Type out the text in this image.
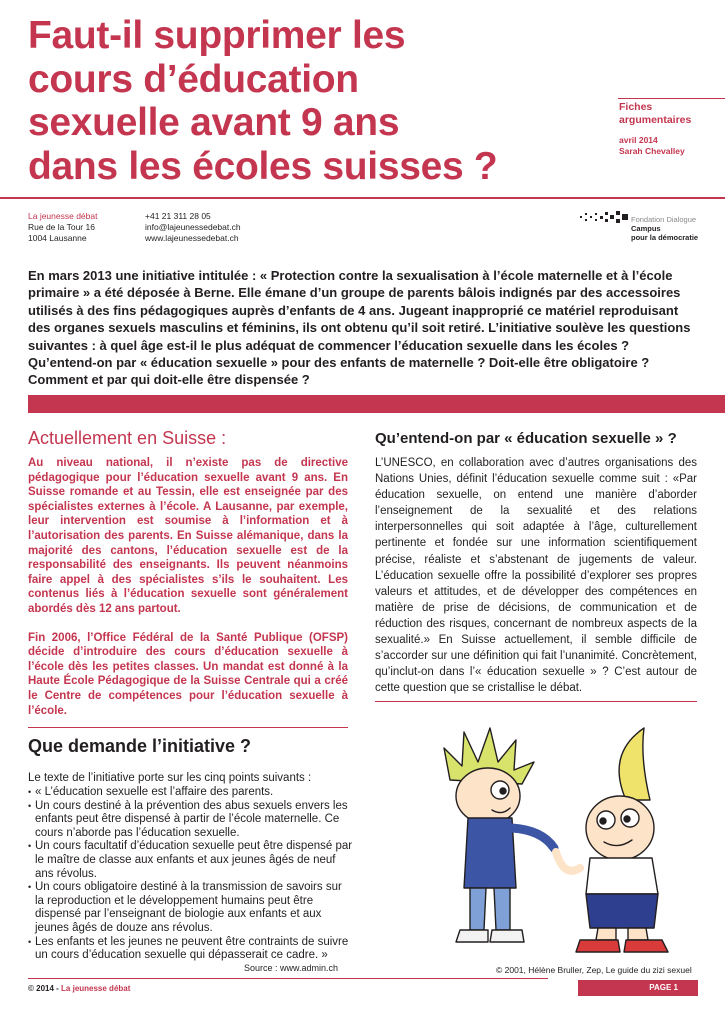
Faut-il supprimer les
cours d’éducation
sexuelle avant 9 ans
dans les écoles suisses ?
Fiches
argumentaires
avril 2014
Sarah Chevalley
La jeunesse débat
Rue de la Tour 16
1004 Lausanne
+41 21 311 28 05
info@lajeunessedebat.ch
www.lajeunessedebat.ch
Fondation Dialogue
Campus
pour la démocratie

En mars 2013 une initiative intitulée : « Protection contre la sexualisation à l’école maternelle et à l’école primaire » a été déposée à Berne. Elle émane d’un groupe de parents bâlois indignés par des accessoires utilisés à des fins pédagogiques auprès d’enfants de 4 ans. Jugeant inapproprié ce matériel reproduisant des organes sexuels masculins et féminins, ils ont obtenu qu’il soit retiré. L’initiative soulève les questions suivantes : à quel âge est-il le plus adéquat de commencer l’éducation sexuelle dans les écoles ? Qu’entend-on par « éducation sexuelle » pour des enfants de maternelle ? Doit-elle être obligatoire ? Comment et par qui doit-elle être dispensée ?

Actuellement en Suisse :

Au niveau national, il n’existe pas de directive pédagogique pour l’éducation sexuelle avant 9 ans. En Suisse romande et au Tessin, elle est enseignée par des spécialistes externes à l’école. A Lausanne, par exemple, leur intervention est soumise à l’information et à l’autorisation des parents. En Suisse alémanique, dans la majorité des cantons, l’éducation sexuelle est de la responsabilité des enseignants. Ils peuvent néanmoins faire appel à des spécialistes s’ils le souhaitent. Les contenus liés à l’éducation sexuelle sont généralement abordés dès 12 ans partout.

Fin 2006, l’Office Fédéral de la Santé Publique (OFSP) décide d’introduire des cours d’éducation sexuelle à l’école dès les petites classes. Un mandat est donné à la Haute École Pédagogique de la Suisse Centrale qui a créé le Centre de compétences pour l’éducation sexuelle à l’école.

Que demande l’initiative ?

Le texte de l’initiative porte sur les cinq points suivants :

• « L’éducation sexuelle est l’affaire des parents.
• Un cours destiné à la prévention des abus sexuels envers les enfants peut être dispensé à partir de l’école maternelle. Ce cours n’aborde pas l’éducation sexuelle.
• Un cours facultatif d’éducation sexuelle peut être dispensé par le maître de classe aux enfants et aux jeunes âgés de neuf ans révolus.
• Un cours obligatoire destiné à la transmission de savoirs sur la reproduction et le développement humains peut être dispensé par l’enseignant de biologie aux enfants et aux jeunes âgés de douze ans révolus.
• Les enfants et les jeunes ne peuvent être contraints de suivre un cours d’éducation sexuelle qui dépasserait ce cadre. »
Source : www.admin.ch
Qu’entend-on par « éducation sexuelle » ?

L’UNESCO, en collaboration avec d’autres organisations des Nations Unies, définit l’éducation sexuelle comme suit : «Par éducation sexuelle, on entend une manière d’aborder l’enseignement de la sexualité et des relations interpersonnelles qui soit adaptée à l’âge, culturellement pertinente et fondée sur une information scientifiquement précise, réaliste et s’abstenant de jugements de valeur. L’éducation sexuelle offre la possibilité d’explorer ses propres valeurs et attitudes, et de développer des compétences en matière de prise de décisions, de communication et de réduction des risques, concernant de nombreux aspects de la sexualité.» En Suisse actuellement, il semble difficile de s’accorder sur une définition qui fait l’unanimité. Concrètement, qu’inclut-on dans l’« éducation sexuelle » ? C’est autour de cette question que se cristallise le débat.

© 2001, Hélène Bruller, Zep, Le guide du zizi sexuel
© 2014 - La jeunesse débat	PAGE 1
